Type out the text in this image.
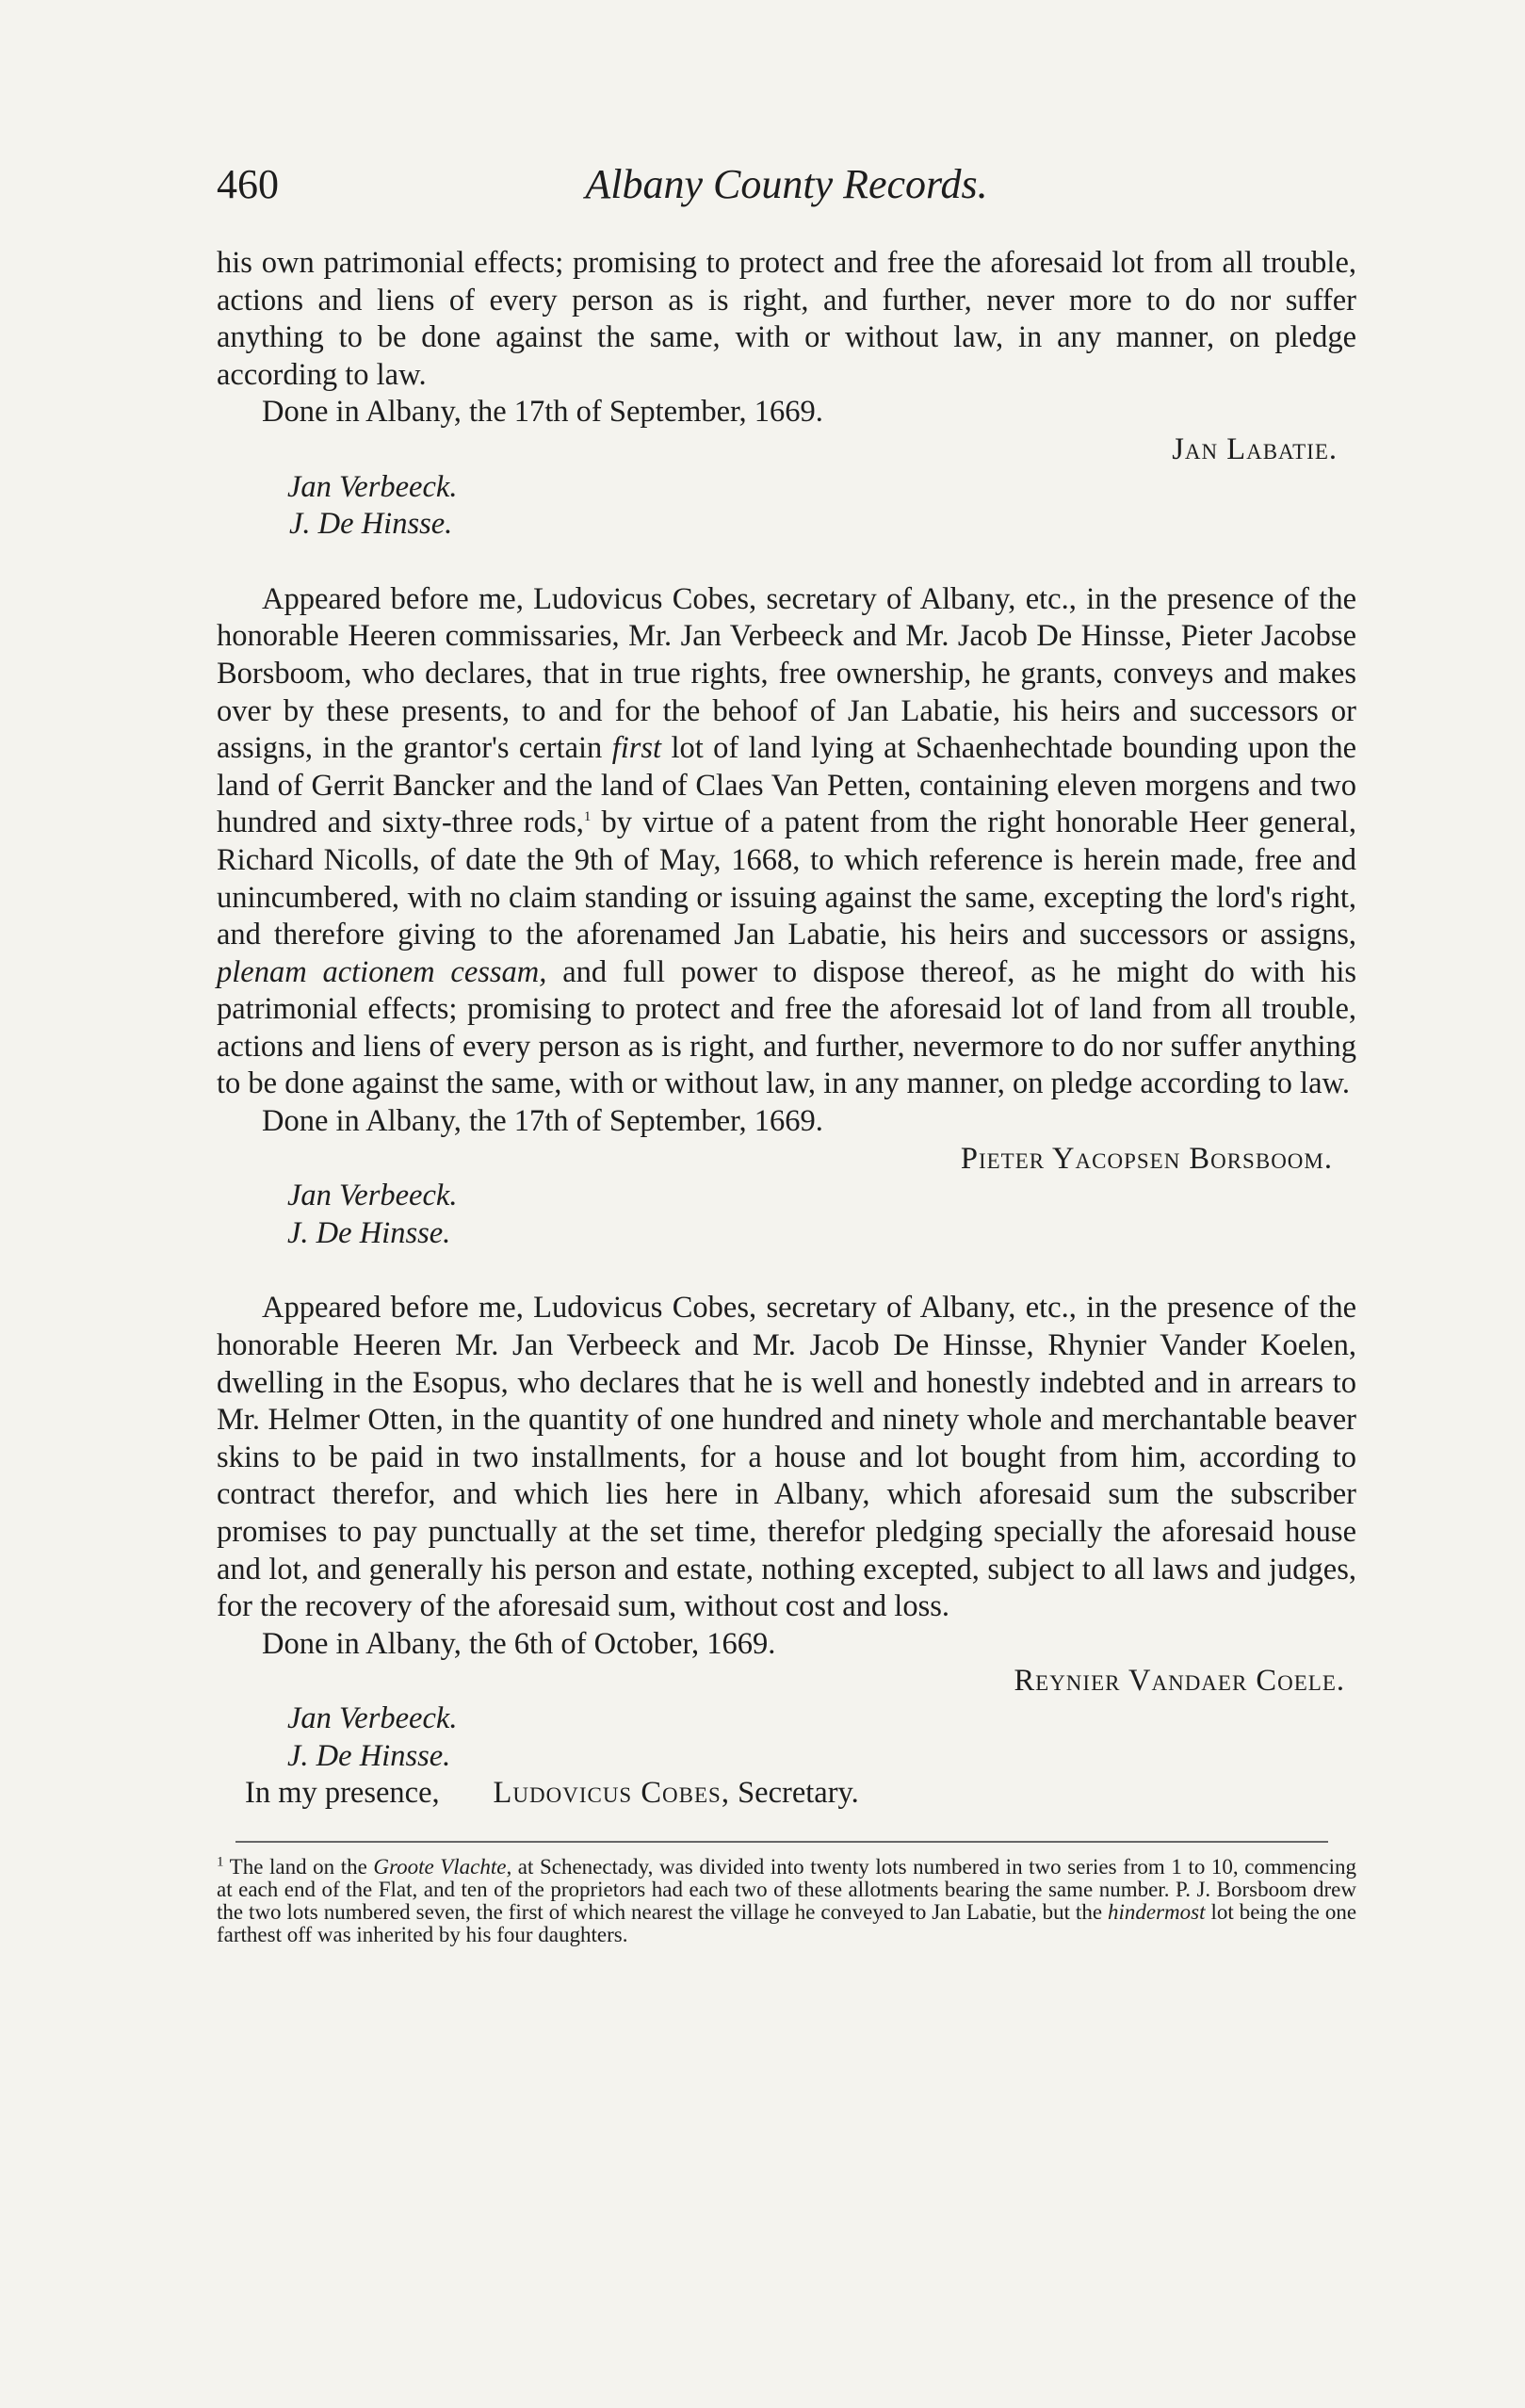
460	Albany County Records.

his own patrimonial effects; promising to protect and free the aforesaid lot from all trouble, actions and liens of every person as is right, and further, never more to do nor suffer anything to be done against the same, with or without law, in any manner, on pledge according to law.

Done in Albany, the 17th of September, 1669.

Jan Labatie.

Jan Verbeeck.
J. De Hinsse.

Appeared before me, Ludovicus Cobes, secretary of Albany, etc., in the presence of the honorable Heeren commissaries, Mr. Jan Verbeeck and Mr. Jacob De Hinsse, Pieter Jacobse Borsboom, who declares, that in true rights, free ownership, he grants, conveys and makes over by these presents, to and for the behoof of Jan Labatie, his heirs and successors or assigns, in the grantor's certain first lot of land lying at Schaenhechtade bounding upon the land of Gerrit Bancker and the land of Claes Van Petten, containing eleven morgens and two hundred and sixty-three rods,$^1$ by virtue of a patent from the right honorable Heer general, Richard Nicolls, of date the 9th of May, 1668, to which reference is herein made, free and unincumbered, with no claim standing or issuing against the same, excepting the lord's right, and therefore giving to the aforenamed Jan Labatie, his heirs and successors or assigns, plenam actionem cessam, and full power to dispose thereof, as he might do with his patrimonial effects; promising to protect and free the aforesaid lot of land from all trouble, actions and liens of every person as is right, and further, nevermore to do nor suffer anything to be done against the same, with or without law, in any manner, on pledge according to law.

Done in Albany, the 17th of September, 1669.

Pieter Yacopsen Borsboom.

Jan Verbeeck.
J. De Hinsse.

Appeared before me, Ludovicus Cobes, secretary of Albany, etc., in the presence of the honorable Heeren Mr. Jan Verbeeck and Mr. Jacob De Hinsse, Rhynier Vander Koelen, dwelling in the Esopus, who declares that he is well and honestly indebted and in arrears to Mr. Helmer Otten, in the quantity of one hundred and ninety whole and merchantable beaver skins to be paid in two installments, for a house and lot bought from him, according to contract therefor, and which lies here in Albany, which aforesaid sum the subscriber promises to pay punctually at the set time, therefor pledging specially the aforesaid house and lot, and generally his person and estate, nothing excepted, subject to all laws and judges, for the recovery of the aforesaid sum, without cost and loss.

Done in Albany, the 6th of October, 1669.

Reynier Vandaer Coele.

Jan Verbeeck.
J. De Hinsse.

In my presence, Ludovicus Cobes, Secretary.

$^1$ The land on the Groote Vlachte, at Schenectady, was divided into twenty lots numbered in two series from 1 to 10, commencing at each end of the Flat, and ten of the proprietors had each two of these allotments bearing the same number. P. J. Borsboom drew the two lots numbered seven, the first of which nearest the village he conveyed to Jan Labatie, but the hindermost lot being the one farthest off was inherited by his four daughters.
